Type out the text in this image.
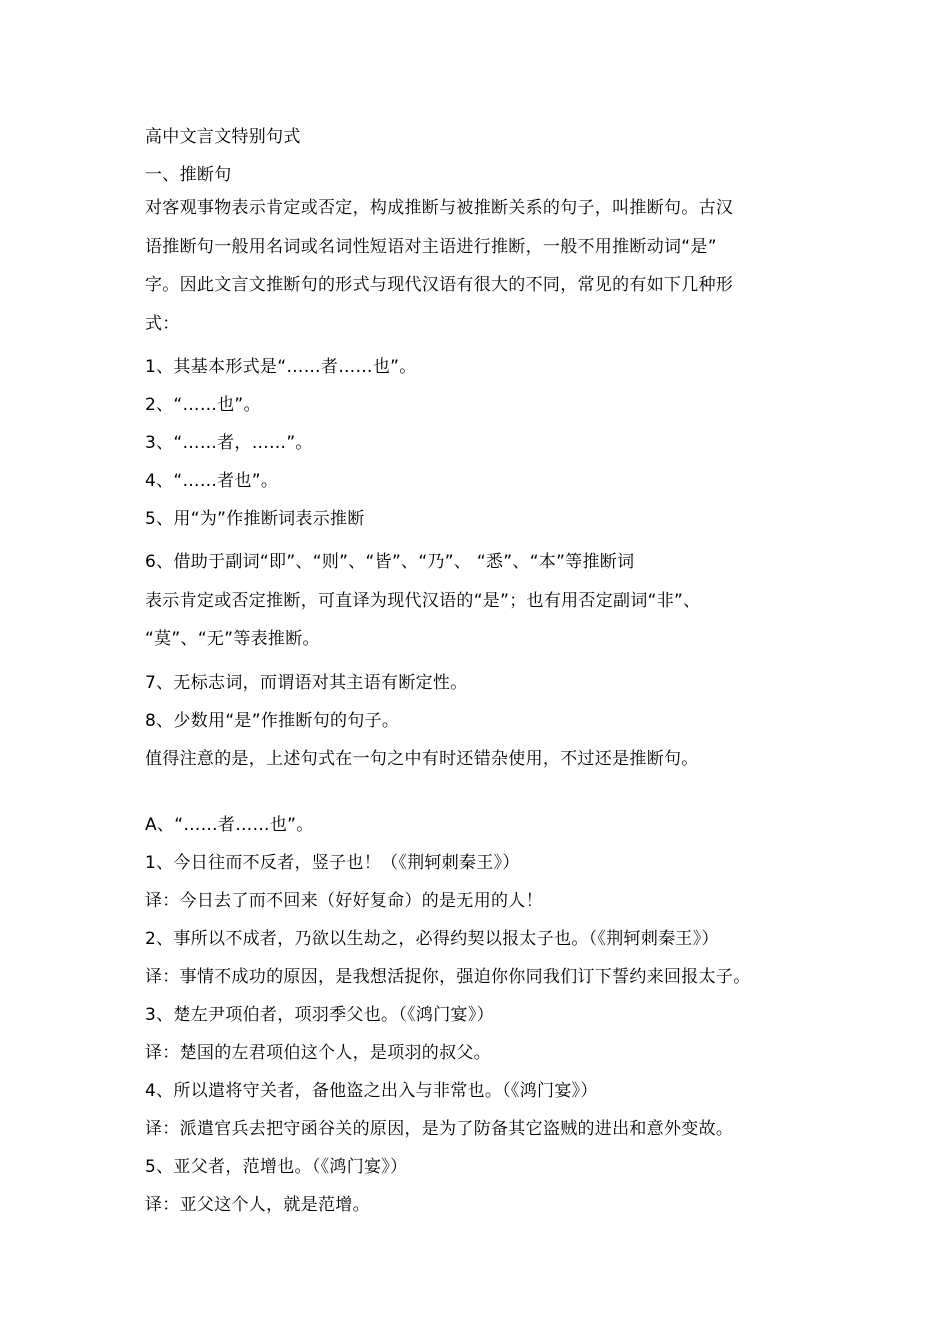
高中文言文特别句式

一、推断句

对客观事物表示肯定或否定，构成推断与被推断关系的句子，叫推断句。古汉

语推断句一般用名词或名词性短语对主语进行推断，一般不用推断动词“是”

字。因此文言文推断句的形式与现代汉语有很大的不同，常见的有如下几种形

式：

1、其基本形式是“……者……也”。

2、“……也”。

3、“……者，……”。

4、“……者也”。

5、用“为”作推断词表示推断

6、借助于副词“即”、“则”、“皆”、“乃”、 “悉”、“本”等推断词

表示肯定或否定推断，可直译为现代汉语的“是”；也有用否定副词“非”、

“莫”、“无”等表推断。

7、无标志词，而谓语对其主语有断定性。

8、少数用“是”作推断句的句子。

值得注意的是，上述句式在一句之中有时还错杂使用，不过还是推断句。

A、“……者……也”。

1、今日往而不反者，竖子也！（《荆轲刺秦王》）

译：今日去了而不回来（好好复命）的是无用的人！

2、事所以不成者，乃欲以生劫之，必得约契以报太子也。（《荆轲刺秦王》）

译：事情不成功的原因，是我想活捉你，强迫你你同我们订下誓约来回报太子。

3、楚左尹项伯者，项羽季父也。（《鸿门宴》）

译：楚国的左君项伯这个人，是项羽的叔父。

4、所以遣将守关者，备他盗之出入与非常也。（《鸿门宴》）

译：派遣官兵去把守函谷关的原因，是为了防备其它盗贼的进出和意外变故。

5、亚父者，范增也。（《鸿门宴》）

译：亚父这个人，就是范增。
